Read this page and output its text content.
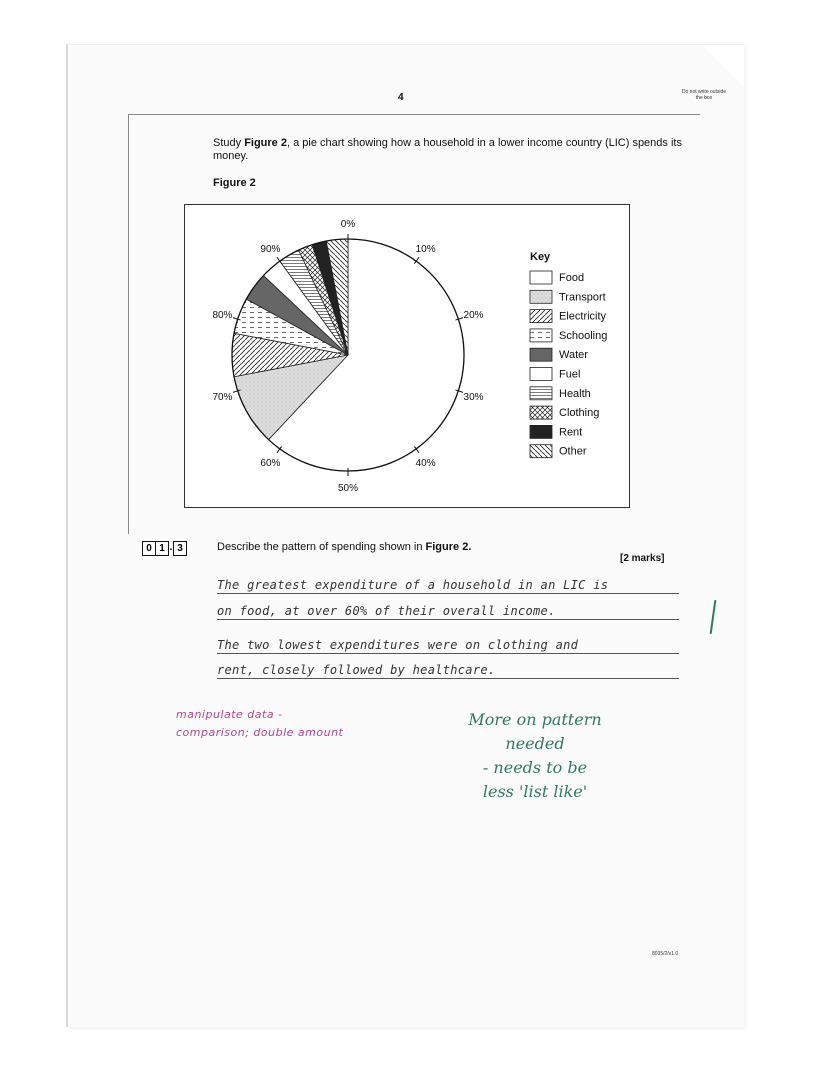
4	Do not write outside the box
Study Figure 2, a pie chart showing how a household in a lower income country (LIC) spends its money.
Figure 2
0%
10%
20%
30%
40%
50%
60%
70%
80%
90%
Key
Food
Transport
Electricity
Schooling
Water
Fuel
Health
Clothing
Rent
Other
0 1 . 3	Describe the pattern of spending shown in Figure 2.
[2 marks]
The greatest expenditure of a household in an LIC is
on food, at over 60% of their overall income.
The two lowest expenditures were on clothing and
rent, closely followed by healthcare.
manipulate data - comparison; double amount
More on pattern
needed
- needs to be
less 'list like'
8035/2/v1.0
